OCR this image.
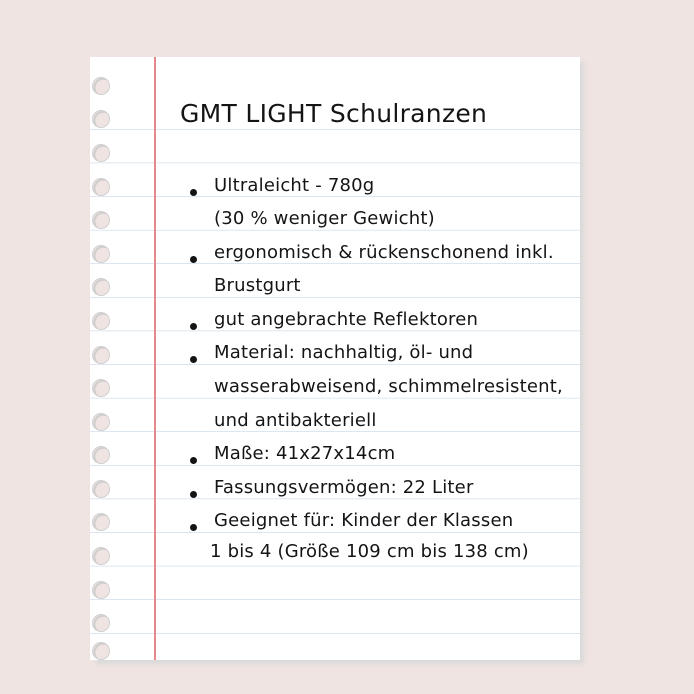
GMT LIGHT Schulranzen
Ultraleicht - 780g
(30 % weniger Gewicht)
ergonomisch & rückenschonend inkl.
Brustgurt
gut angebrachte Reflektoren
Material: nachhaltig, öl- und
wasserabweisend, schimmelresistent,
und antibakteriell
Maße: 41x27x14cm
Fassungsvermögen: 22 Liter
Geeignet für: Kinder der Klassen
1 bis 4 (Größe 109 cm bis 138 cm)
